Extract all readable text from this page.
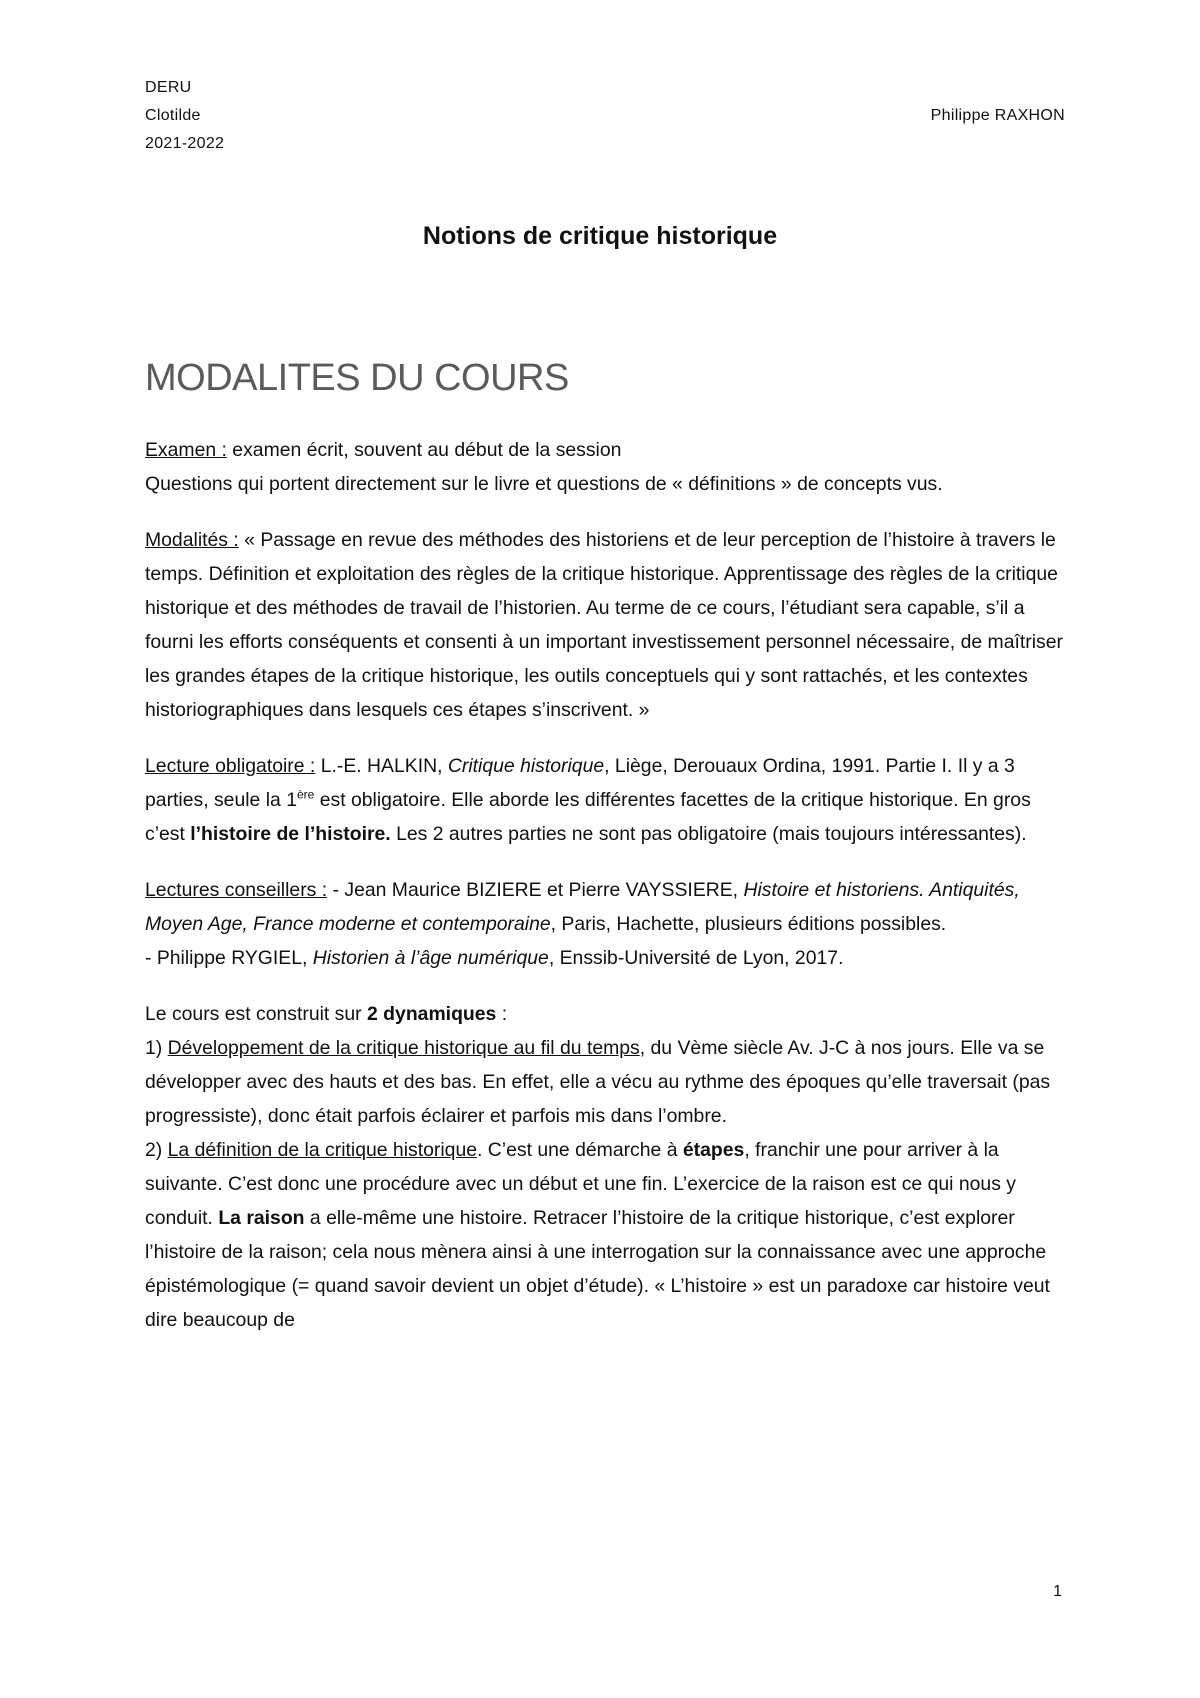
DERU
Clotilde
2021-2022
Philippe RAXHON
Notions de critique historique
MODALITES DU COURS

Examen : examen écrit, souvent au début de la session
Questions qui portent directement sur le livre et questions de « définitions » de concepts vus.

Modalités : « Passage en revue des méthodes des historiens et de leur perception de l’histoire à travers le temps. Définition et exploitation des règles de la critique historique. Apprentissage des règles de la critique historique et des méthodes de travail de l’historien. Au terme de ce cours, l’étudiant sera capable, s’il a fourni les efforts conséquents et consenti à un important investissement personnel nécessaire, de maîtriser les grandes étapes de la critique historique, les outils conceptuels qui y sont rattachés, et les contextes historiographiques dans lesquels ces étapes s’inscrivent. »

Lecture obligatoire : L.-E. HALKIN, Critique historique, Liège, Derouaux Ordina, 1991. Partie I. Il y a 3 parties, seule la 1ère est obligatoire. Elle aborde les différentes facettes de la critique historique. En gros c’est l’histoire de l’histoire. Les 2 autres parties ne sont pas obligatoire (mais toujours intéressantes).

Lectures conseillers : - Jean Maurice BIZIERE et Pierre VAYSSIERE, Histoire et historiens. Antiquités, Moyen Age, France moderne et contemporaine, Paris, Hachette, plusieurs éditions possibles.
- Philippe RYGIEL, Historien à l’âge numérique, Enssib-Université de Lyon, 2017.

Le cours est construit sur 2 dynamiques :
1) Développement de la critique historique au fil du temps, du Vème siècle Av. J-C à nos jours. Elle va se développer avec des hauts et des bas. En effet, elle a vécu au rythme des époques qu’elle traversait (pas progressiste), donc était parfois éclairer et parfois mis dans l’ombre.
2) La définition de la critique historique. C’est une démarche à étapes, franchir une pour arriver à la suivante. C’est donc une procédure avec un début et une fin. L’exercice de la raison est ce qui nous y conduit. La raison a elle-même une histoire. Retracer l’histoire de la critique historique, c’est explorer l’histoire de la raison; cela nous mènera ainsi à une interrogation sur la connaissance avec une approche épistémologique (= quand savoir devient un objet d’étude). « L’histoire » est un paradoxe car histoire veut dire beaucoup de

1
